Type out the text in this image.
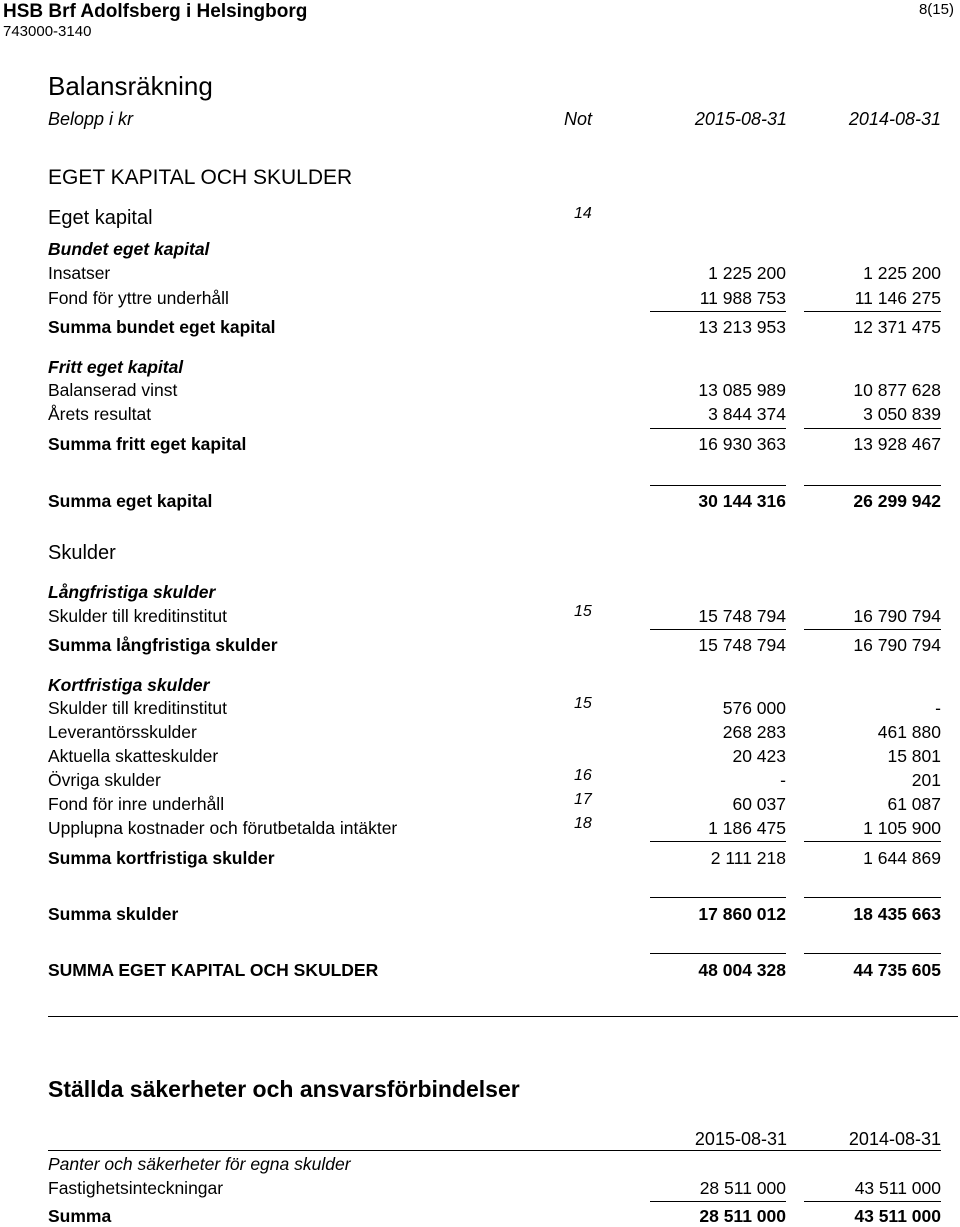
HSB Brf Adolfsberg i Helsingborg
743000-3140
8(15)
Balansräkning
Belopp i kr	Not	2015-08-31	2014-08-31
EGET KAPITAL OCH SKULDER
Eget kapital	14
Bundet eget kapital
Insatser	1 225 200	1 225 200
Fond för yttre underhåll	11 988 753	11 146 275
Summa bundet eget kapital	13 213 953	12 371 475
Fritt eget kapital
Balanserad vinst	13 085 989	10 877 628
Årets resultat	3 844 374	3 050 839
Summa fritt eget kapital	16 930 363	13 928 467
Summa eget kapital	30 144 316	26 299 942
Skulder
Långfristiga skulder
Skulder till kreditinstitut	15	15 748 794	16 790 794
Summa långfristiga skulder	15 748 794	16 790 794
Kortfristiga skulder
Skulder till kreditinstitut	15	576 000	-
Leverantörsskulder	268 283	461 880
Aktuella skatteskulder	20 423	15 801
Övriga skulder	16	-	201
Fond för inre underhåll	17	60 037	61 087
Upplupna kostnader och förutbetalda intäkter	18	1 186 475	1 105 900
Summa kortfristiga skulder	2 111 218	1 644 869
Summa skulder	17 860 012	18 435 663
SUMMA EGET KAPITAL OCH SKULDER	48 004 328	44 735 605
Ställda säkerheter och ansvarsförbindelser
2015-08-31	2014-08-31
Panter och säkerheter för egna skulder
Fastighetsinteckningar	28 511 000	43 511 000
Summa	28 511 000	43 511 000
